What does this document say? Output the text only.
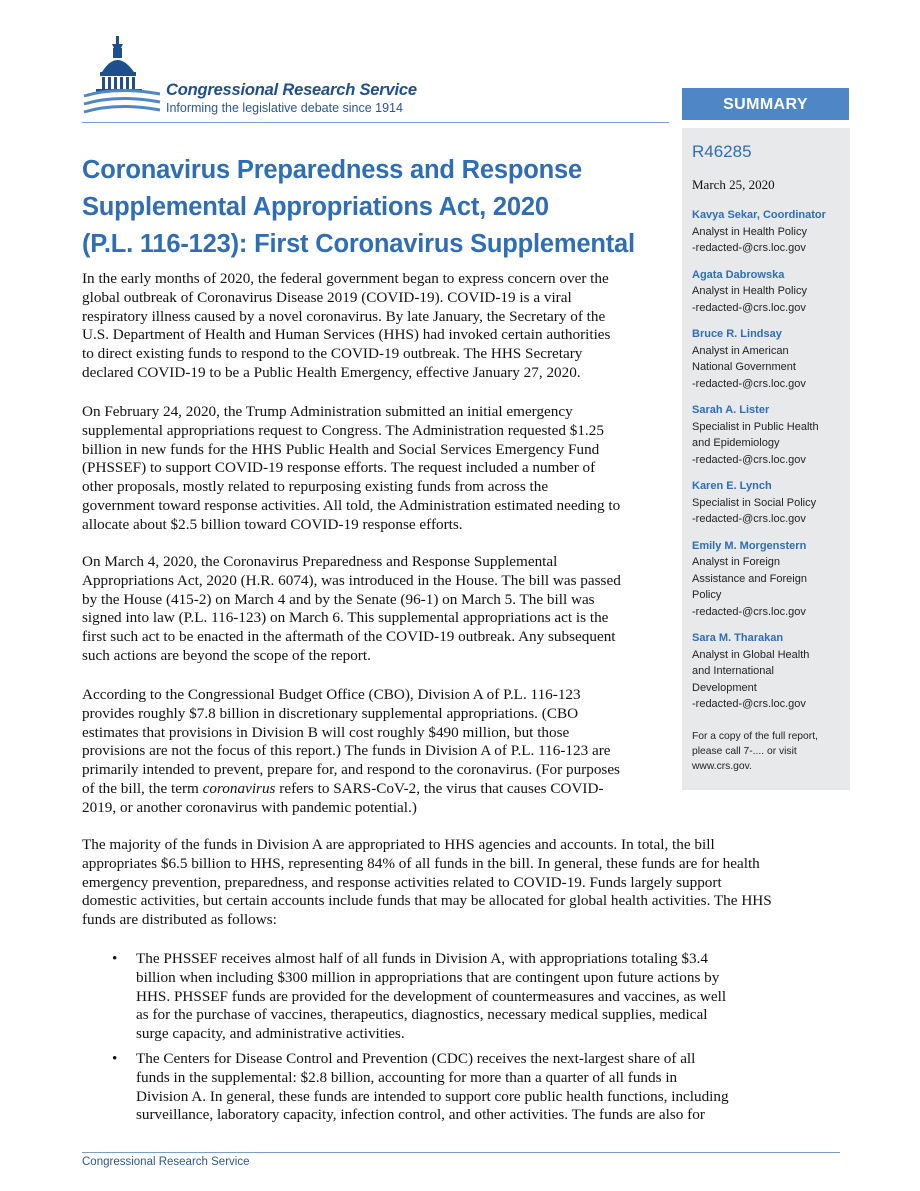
Congressional Research Service
Informing the legislative debate since 1914	SUMMARY
R46285
March 25, 2020
Kavya Sekar, Coordinator
Analyst in Health Policy
-redacted-@crs.loc.gov
Agata Dabrowska
Analyst in Health Policy
-redacted-@crs.loc.gov
Bruce R. Lindsay
Analyst in American
National Government
-redacted-@crs.loc.gov
Sarah A. Lister
Specialist in Public Health
and Epidemiology
-redacted-@crs.loc.gov
Karen E. Lynch
Specialist in Social Policy
-redacted-@crs.loc.gov
Emily M. Morgenstern
Analyst in Foreign
Assistance and Foreign
Policy
-redacted-@crs.loc.gov
Sara M. Tharakan
Analyst in Global Health
and International
Development
-redacted-@crs.loc.gov
For a copy of the full report,
please call 7-.... or visit
www.crs.gov.
Coronavirus Preparedness and Response
Supplemental Appropriations Act, 2020
(P.L. 116-123): First Coronavirus Supplemental
In the early months of 2020, the federal government began to express concern over the
global outbreak of Coronavirus Disease 2019 (COVID-19). COVID-19 is a viral
respiratory illness caused by a novel coronavirus. By late January, the Secretary of the
U.S. Department of Health and Human Services (HHS) had invoked certain authorities
to direct existing funds to respond to the COVID-19 outbreak. The HHS Secretary
declared COVID-19 to be a Public Health Emergency, effective January 27, 2020.
On February 24, 2020, the Trump Administration submitted an initial emergency
supplemental appropriations request to Congress. The Administration requested $1.25
billion in new funds for the HHS Public Health and Social Services Emergency Fund
(PHSSEF) to support COVID-19 response efforts. The request included a number of
other proposals, mostly related to repurposing existing funds from across the
government toward response activities. All told, the Administration estimated needing to
allocate about $2.5 billion toward COVID-19 response efforts.
On March 4, 2020, the Coronavirus Preparedness and Response Supplemental
Appropriations Act, 2020 (H.R. 6074), was introduced in the House. The bill was passed
by the House (415-2) on March 4 and by the Senate (96-1) on March 5. The bill was
signed into law (P.L. 116-123) on March 6. This supplemental appropriations act is the
first such act to be enacted in the aftermath of the COVID-19 outbreak. Any subsequent
such actions are beyond the scope of the report.
According to the Congressional Budget Office (CBO), Division A of P.L. 116-123
provides roughly $7.8 billion in discretionary supplemental appropriations. (CBO
estimates that provisions in Division B will cost roughly $490 million, but those
provisions are not the focus of this report.) The funds in Division A of P.L. 116-123 are
primarily intended to prevent, prepare for, and respond to the coronavirus. (For purposes
of the bill, the term coronavirus refers to SARS-CoV-2, the virus that causes COVID-
2019, or another coronavirus with pandemic potential.)
The majority of the funds in Division A are appropriated to HHS agencies and accounts. In total, the bill
appropriates $6.5 billion to HHS, representing 84% of all funds in the bill. In general, these funds are for health
emergency prevention, preparedness, and response activities related to COVID-19. Funds largely support
domestic activities, but certain accounts include funds that may be allocated for global health activities. The HHS
funds are distributed as follows:
• The PHSSEF receives almost half of all funds in Division A, with appropriations totaling $3.4
billion when including $300 million in appropriations that are contingent upon future actions by
HHS. PHSSEF funds are provided for the development of countermeasures and vaccines, as well
as for the purchase of vaccines, therapeutics, diagnostics, necessary medical supplies, medical
surge capacity, and administrative activities.
• The Centers for Disease Control and Prevention (CDC) receives the next-largest share of all
funds in the supplemental: $2.8 billion, accounting for more than a quarter of all funds in
Division A. In general, these funds are intended to support core public health functions, including
surveillance, laboratory capacity, infection control, and other activities. The funds are also for
Congressional Research Service
